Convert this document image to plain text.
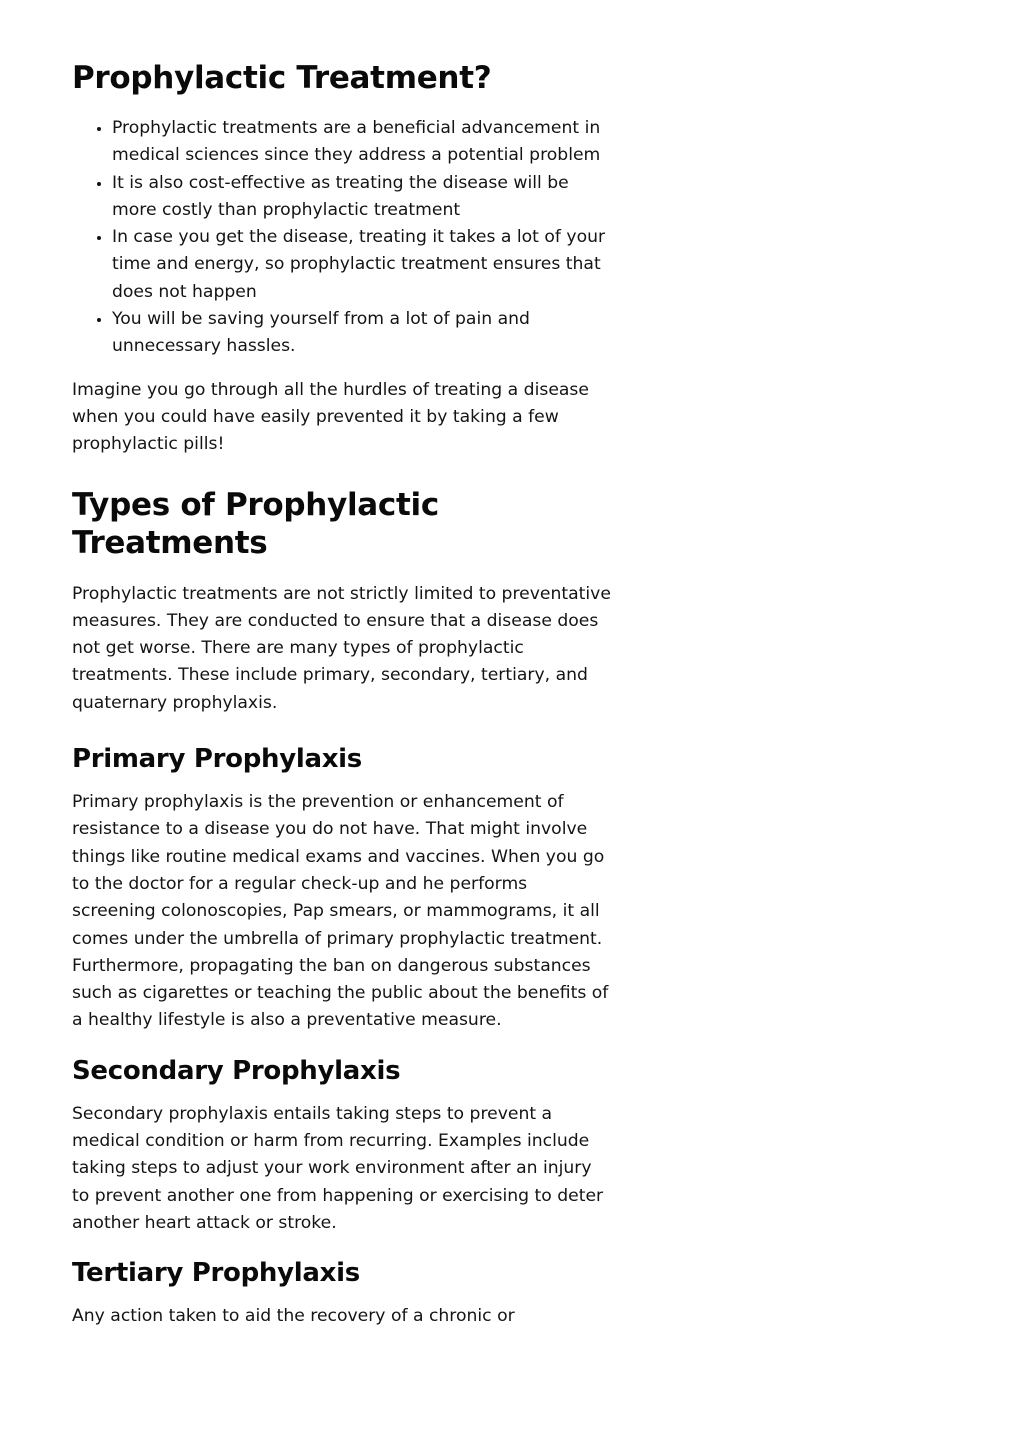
Prophylactic Treatment?
• Prophylactic treatments are a beneficial advancement in medical sciences since they address a potential problem
• It is also cost-effective as treating the disease will be more costly than prophylactic treatment
• In case you get the disease, treating it takes a lot of your time and energy, so prophylactic treatment ensures that does not happen
• You will be saving yourself from a lot of pain and unnecessary hassles.

Imagine you go through all the hurdles of treating a disease when you could have easily prevented it by taking a few prophylactic pills!

Types of Prophylactic Treatments

Prophylactic treatments are not strictly limited to preventative measures. They are conducted to ensure that a disease does not get worse. There are many types of prophylactic treatments. These include primary, secondary, tertiary, and quaternary prophylaxis.

Primary Prophylaxis

Primary prophylaxis is the prevention or enhancement of resistance to a disease you do not have. That might involve things like routine medical exams and vaccines. When you go to the doctor for a regular check-up and he performs screening colonoscopies, Pap smears, or mammograms, it all comes under the umbrella of primary prophylactic treatment. Furthermore, propagating the ban on dangerous substances such as cigarettes or teaching the public about the benefits of a healthy lifestyle is also a preventative measure.

Secondary Prophylaxis

Secondary prophylaxis entails taking steps to prevent a medical condition or harm from recurring. Examples include taking steps to adjust your work environment after an injury to prevent another one from happening or exercising to deter another heart attack or stroke.

Tertiary Prophylaxis

Any action taken to aid the recovery of a chronic or
